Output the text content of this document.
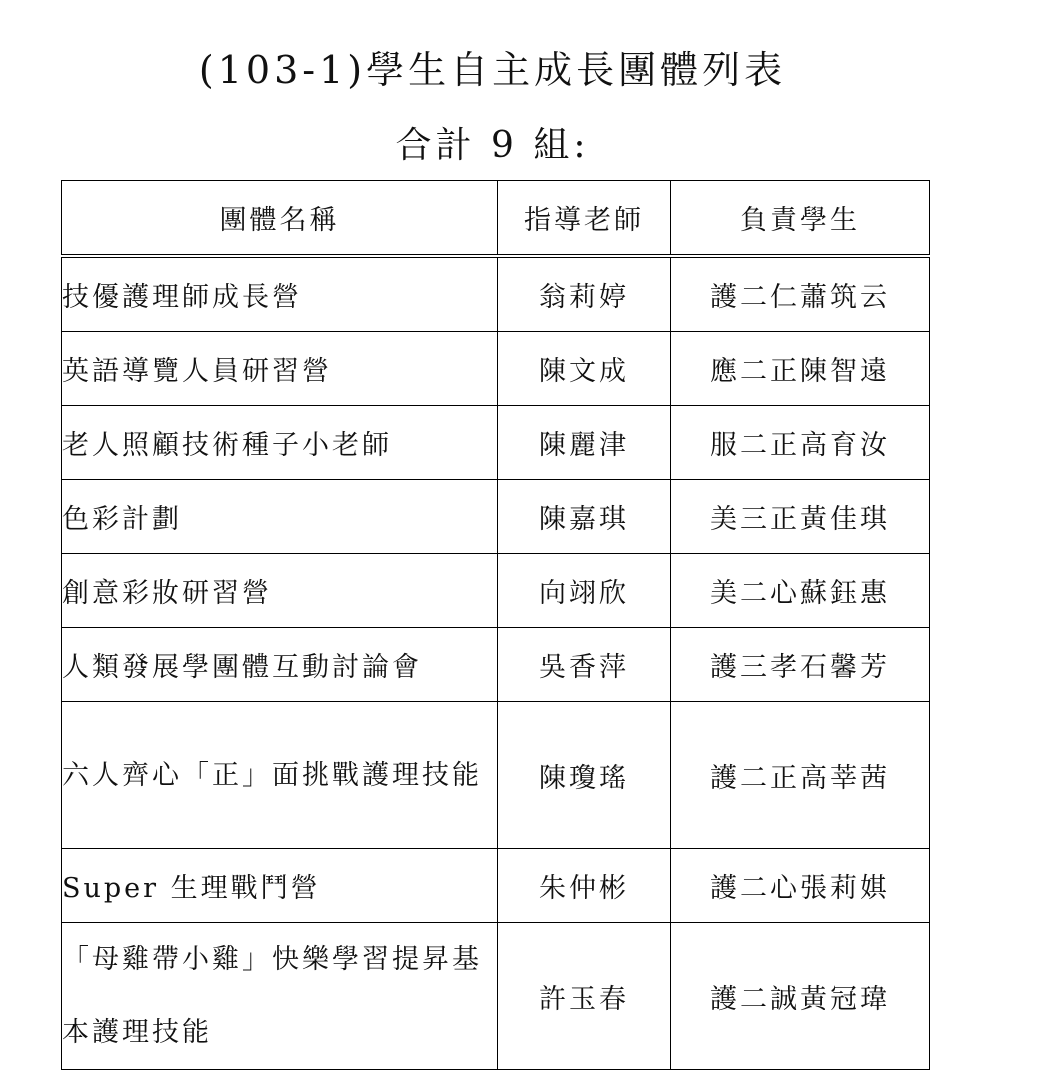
(103-1)學生自主成長團體列表
合計 9 組:
團體名稱	指導老師	負責學生
技優護理師成長營	翁莉婷	護二仁蕭筑云
英語導覽人員研習營	陳文成	應二正陳智遠
老人照顧技術種子小老師	陳麗津	服二正高育汝
色彩計劃	陳嘉琪	美三正黃佳琪
創意彩妝研習營	向翊欣	美二心蘇鈺惠
人類發展學團體互動討論會	吳香萍	護三孝石馨芳
六人齊心「正」面挑戰護理技能	陳瓊瑤	護二正高莘茜
Super 生理戰鬥營	朱仲彬	護二心張莉娸
「母雞帶小雞」快樂學習提昇基本護理技能	許玉春	護二誠黃冠瑋
